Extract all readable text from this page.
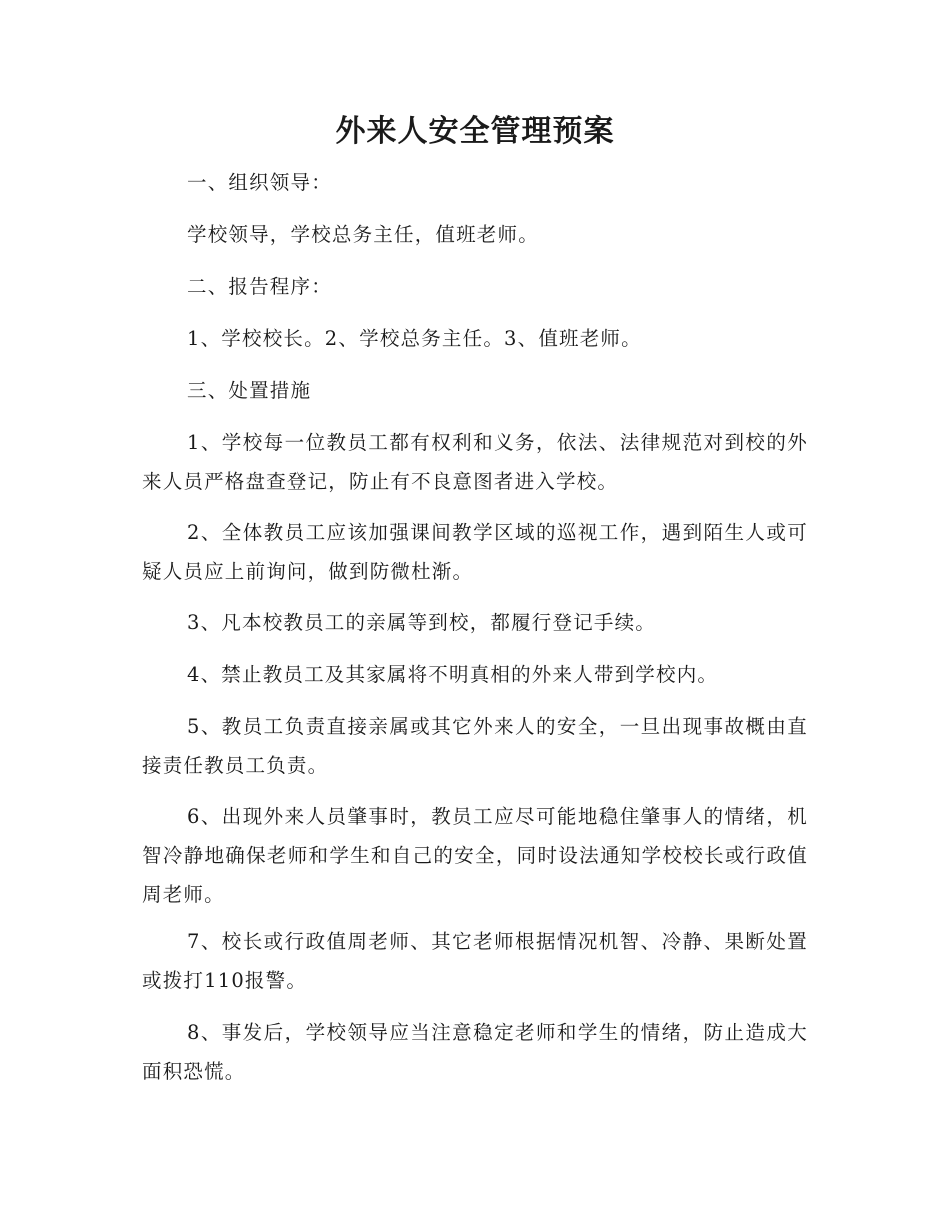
外来人安全管理预案

一、组织领导：

学校领导，学校总务主任，值班老师。

二、报告程序：

1、学校校长。2、学校总务主任。3、值班老师。

三、处置措施

1、学校每一位教员工都有权利和义务，依法、法律规范对到校的外来人员严格盘查登记，防止有不良意图者进入学校。

2、全体教员工应该加强课间教学区域的巡视工作，遇到陌生人或可疑人员应上前询问，做到防微杜渐。

3、凡本校教员工的亲属等到校，都履行登记手续。

4、禁止教员工及其家属将不明真相的外来人带到学校内。

5、教员工负责直接亲属或其它外来人的安全，一旦出现事故概由直接责任教员工负责。

6、出现外来人员肇事时，教员工应尽可能地稳住肇事人的情绪，机智冷静地确保老师和学生和自己的安全，同时设法通知学校校长或行政值周老师。

7、校长或行政值周老师、其它老师根据情况机智、冷静、果断处置或拨打110报警。

8、事发后，学校领导应当注意稳定老师和学生的情绪，防止造成大面积恐慌。
